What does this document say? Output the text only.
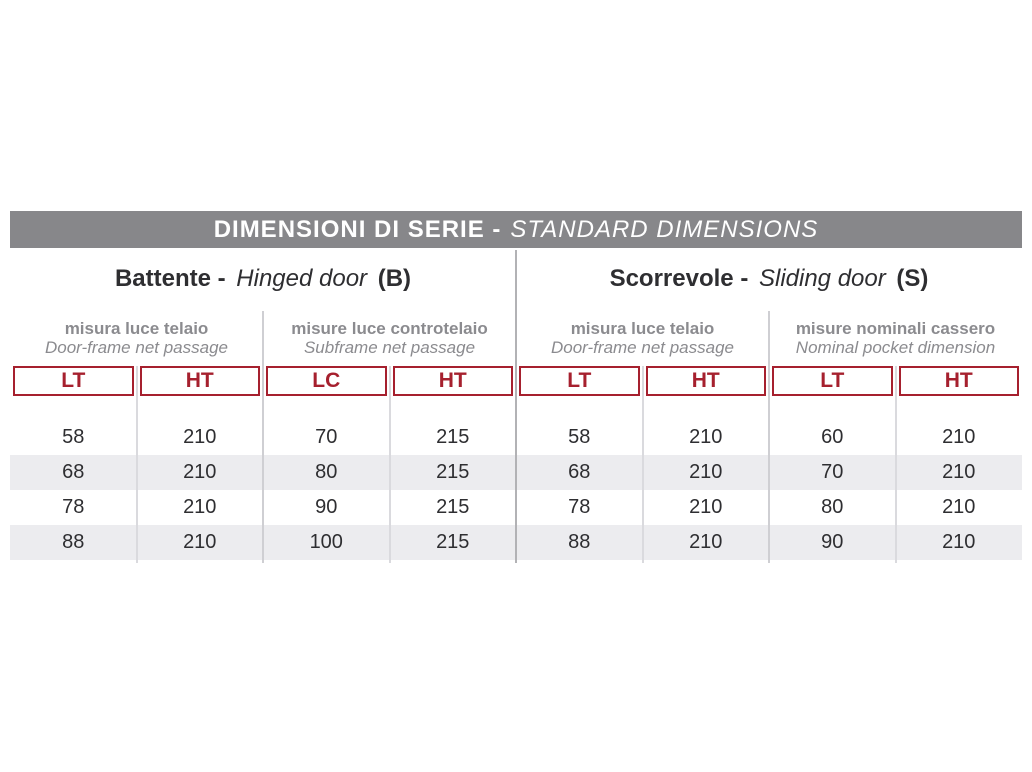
DIMENSIONI DI SERIE - STANDARD DIMENSIONS
Battente - Hinged door (B)	Scorrevole - Sliding door (S)
misura luce telaio
Door-frame net passage
misure luce controtelaio
Subframe net passage
misura luce telaio
Door-frame net passage
misure nominali cassero
Nominal pocket dimension
LT	HT	LC	HT	LT	HT	LT	HT
58	210	70	215	58	210	60	210
68	210	80	215	68	210	70	210
78	210	90	215	78	210	80	210
88	210	100	215	88	210	90	210
